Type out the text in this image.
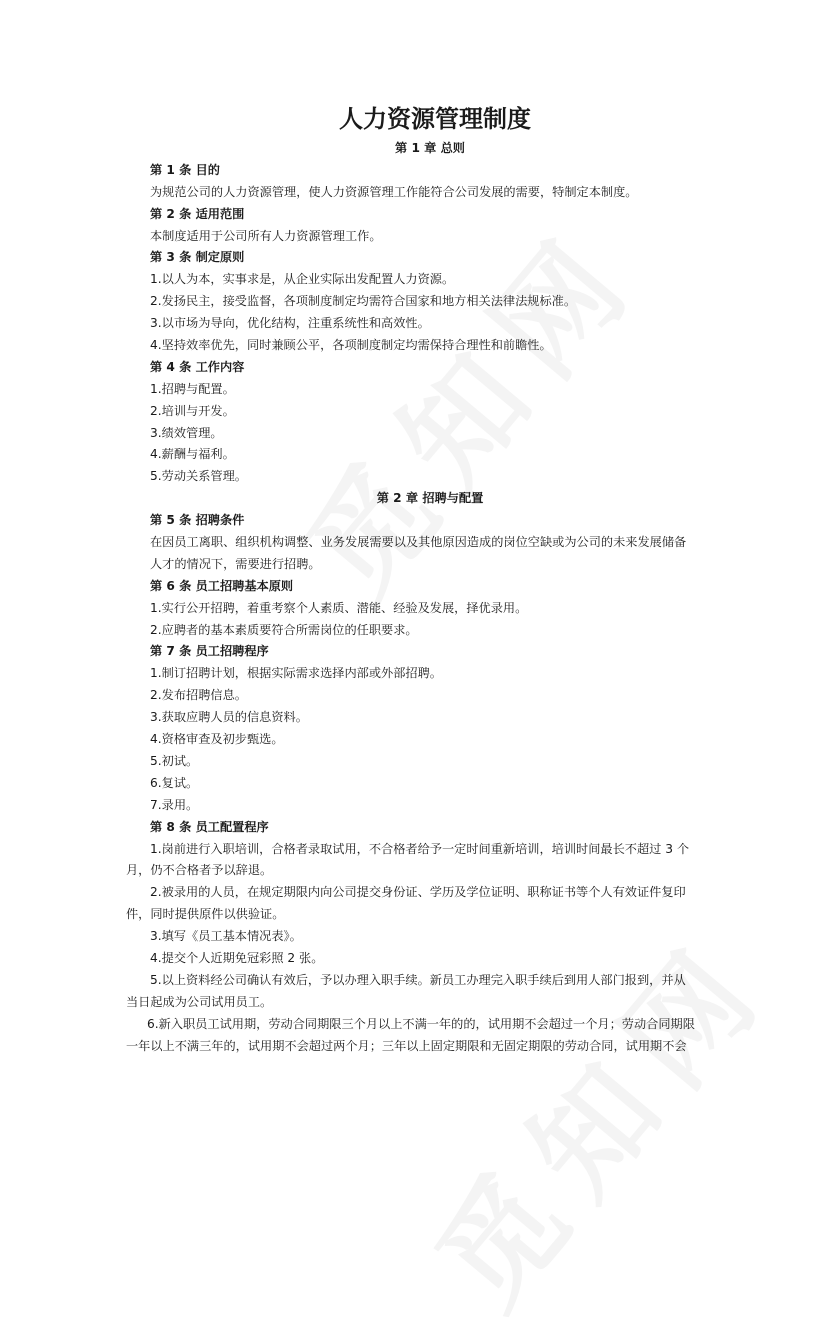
人力资源管理制度
第 1 章 总则
第 1 条 目的
为规范公司的人力资源管理，使人力资源管理工作能符合公司发展的需要，特制定本制度。
第 2 条 适用范围
本制度适用于公司所有人力资源管理工作。
第 3 条 制定原则
1.以人为本，实事求是，从企业实际出发配置人力资源。
2.发扬民主，接受监督，各项制度制定均需符合国家和地方相关法律法规标准。
3.以市场为导向，优化结构，注重系统性和高效性。
4.坚持效率优先，同时兼顾公平，各项制度制定均需保持合理性和前瞻性。
第 4 条 工作内容
1.招聘与配置。
2.培训与开发。
3.绩效管理。
4.薪酬与福利。
5.劳动关系管理。
第 2 章 招聘与配置
第 5 条 招聘条件
在因员工离职、组织机构调整、业务发展需要以及其他原因造成的岗位空缺或为公司的未来发展储备
人才的情况下，需要进行招聘。
第 6 条 员工招聘基本原则
1.实行公开招聘，着重考察个人素质、潜能、经验及发展，择优录用。
2.应聘者的基本素质要符合所需岗位的任职要求。
第 7 条 员工招聘程序
1.制订招聘计划，根据实际需求选择内部或外部招聘。
2.发布招聘信息。
3.获取应聘人员的信息资料。
4.资格审查及初步甄选。
5.初试。
6.复试。
7.录用。
第 8 条 员工配置程序
1.岗前进行入职培训，合格者录取试用，不合格者给予一定时间重新培训，培训时间最长不超过 3 个
月，仍不合格者予以辞退。
2.被录用的人员，在规定期限内向公司提交身份证、学历及学位证明、职称证书等个人有效证件复印
件，同时提供原件以供验证。
3.填写《员工基本情况表》。
4.提交个人近期免冠彩照 2 张。
5.以上资料经公司确认有效后，予以办理入职手续。新员工办理完入职手续后到用人部门报到，并从
当日起成为公司试用员工。
6.新入职员工试用期，劳动合同期限三个月以上不满一年的的，试用期不会超过一个月；劳动合同期限
一年以上不满三年的，试用期不会超过两个月；三年以上固定期限和无固定期限的劳动合同，试用期不会
